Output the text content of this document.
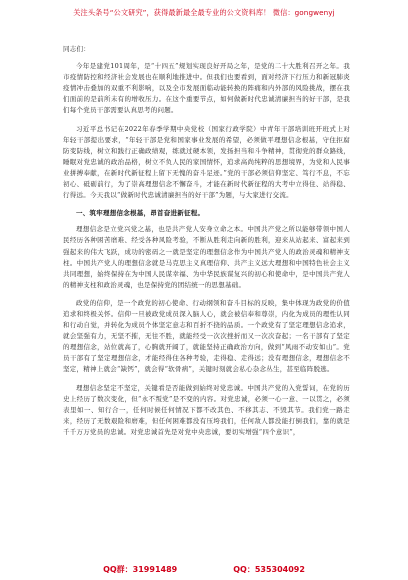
关注头条号“公文研究”，获得最新最全最专业的公文资料库！ 微信：gongwenyj

同志们：

今年是建党101周年，是“十四五”规划实现良好开局之年，是党的二十大胜利召开之年。我市疫情防控和经济社会发展也在顺利地推进中。但我们也要看到，面对经济下行压力和新冠肺炎疫情冲击叠加的双重不利影响，以及全市发展面临动能转换的阵痛和内外部的风险挑战，摆在我们面前的是前所未有的增收压力。在这个重要节点，如何做新时代忠诚清廉担当的好干部，是我们每个党员干部需要认真思考的问题。

习近平总书记在2022年春季学期中央党校（国家行政学院）中青年干部培训班开班式上对年轻干部提出要求，“年轻干部是党和国家事业发展的希望，必须做平理想信念根基，守住拒腐防变防线，树立和践行正确政绩观，练就过硬本领，发扬担当和斗争精神，贯彻党的群众路线，睡眠对党忠诚的政治品格，树立不负人民的家国情怀，追求高尚纯粹的思想境界，为党和人民事业拼搏奉献，在新时代新征程上留下无愧的奋斗足迹。”党的干部必须信仰坚定、笃行不息，不忘初心、砥砺前行，为了崇高理想信念不懈奋斗，才能在新时代新征程的大考中立得住、站得稳、行得远。今天我以“做新时代忠诚清廉担当的好干部”为题，与大家进行交流。

一、筑牢理想信念根基，昂首奋进新征程。

理想信念是立党兴党之基，也是共产党人安身立命之本。中国共产党之所以能够带领中国人民经历各种困苦磨难、经受各种风险考验，不断从胜利走向新的胜利，迎来从站起来、富起来到强起来的伟大飞跃，成功的密码之一就是坚定的理想信念作为中国共产党人的政治灵魂和精神支柱。中国共产党人的理想信念就是马克思主义真理信仰、共产主义远大理想和中国特色社会主义共同理想，始终保持在为中国人民谋幸福、为中华民族谋复兴的初心和使命中，是中国共产党人的精神支柱和政治灵魂，也是保持党的团结统一的思想基础。

政党的信仰，是一个政党的初心使命、行动纲领和奋斗目标的反映，集中体现为政党的价值追求和终极关怀。信仰一旦被政党成员深入脑人心，就会被信奉和尊崇，内化为成员的理性认同和行动自觉，并转化为成员个体坚定意志和百折不挠的品质。一个政党有了坚定理想信念追求，就会坚强有力，无坚不摧，无往不胜，就能经受一次次挫折而又一次次奋起；一名干部有了坚定的理想信念，站位就高了，心胸就开阔了，就能坚持正确政治方向，做到“风雨不动安如山”。党员干部有了坚定理想信念，才能经得住各种考验，走得稳、走得远；没有理想信念，理想信念不坚定，精神上就会“缺钙”，就会得“软骨病”，关键时刻就会私心杂念丛生，甚至临阵脱逃。

理想信念坚定不坚定，关键看是否能做到始终对党忠诚。中国共产党的入党誓词，在党的历史上经历了数次变化，但“永不叛党”是不变的内容。对党忠诚，必须一心一意、一以贯之，必须表里如一、知行合一，任何时候任何情况下都不改其色、不移其志、不毁其节。我们党一路走来，经历了无数艰险和磨难，但任何困难都没有压垮我们，任何敌人都没能打倒我们，靠的就是千千万万党员的忠诚。对党忠诚首先是对党中央忠诚，要切实增强“四个意识”，

QQ群：31991489	QQ：535304092
